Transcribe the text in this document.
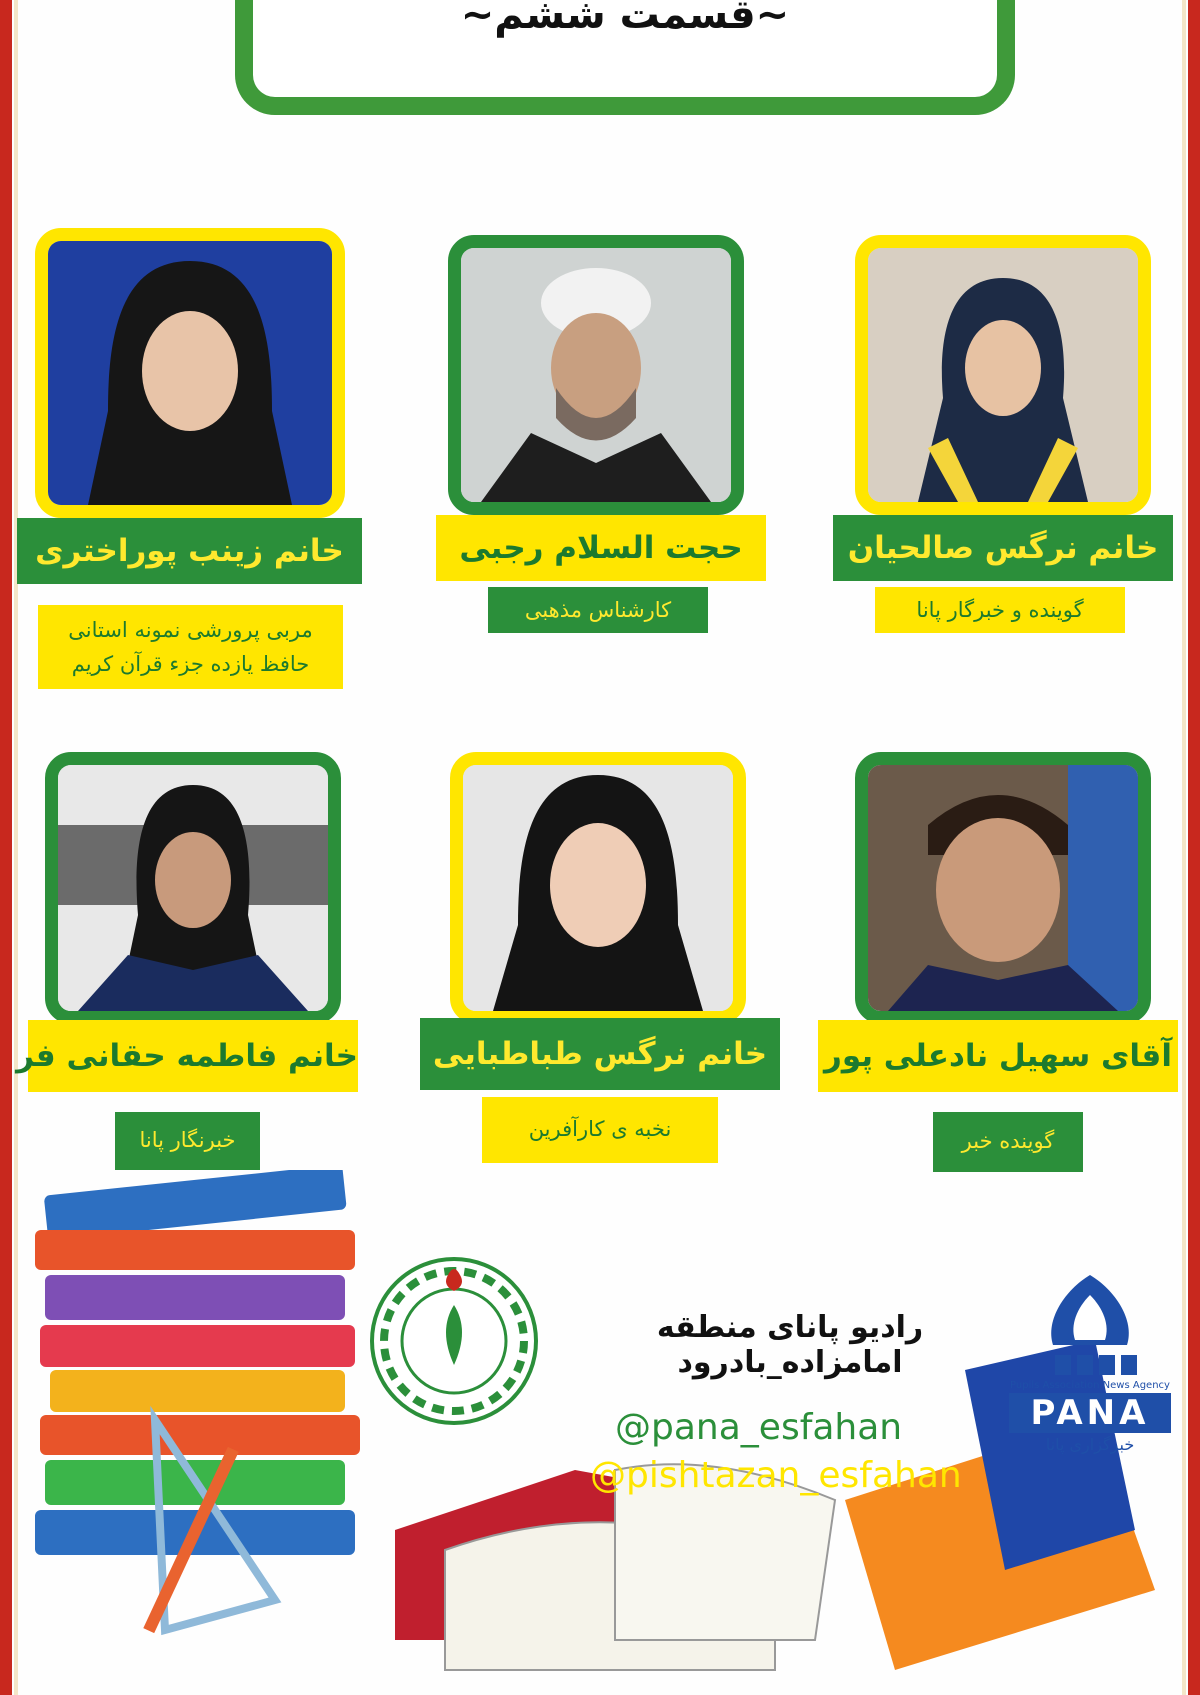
~قسمت ششم~
خانم نرگس صالحیان
گوینده و خبرگار پانا
حجت السلام رجبی
کارشناس مذهبی
خانم زینب پوراختری
مربی پرورشی نمونه استانی
حافظ یازده جزء قرآن کریم
آقای سهیل نادعلی پور
گوینده خبر
خانم نرگس طباطبایی
نخبه ی کارآفرین
خانم فاطمه حقانی فر
خبرنگار پانا
رادیو پانای منطقه امامزاده_بادرود
@pana_esfahan
@pishtazan_esfahan
Pupils Association News Agency
PANA
خبرگزاری پانا
